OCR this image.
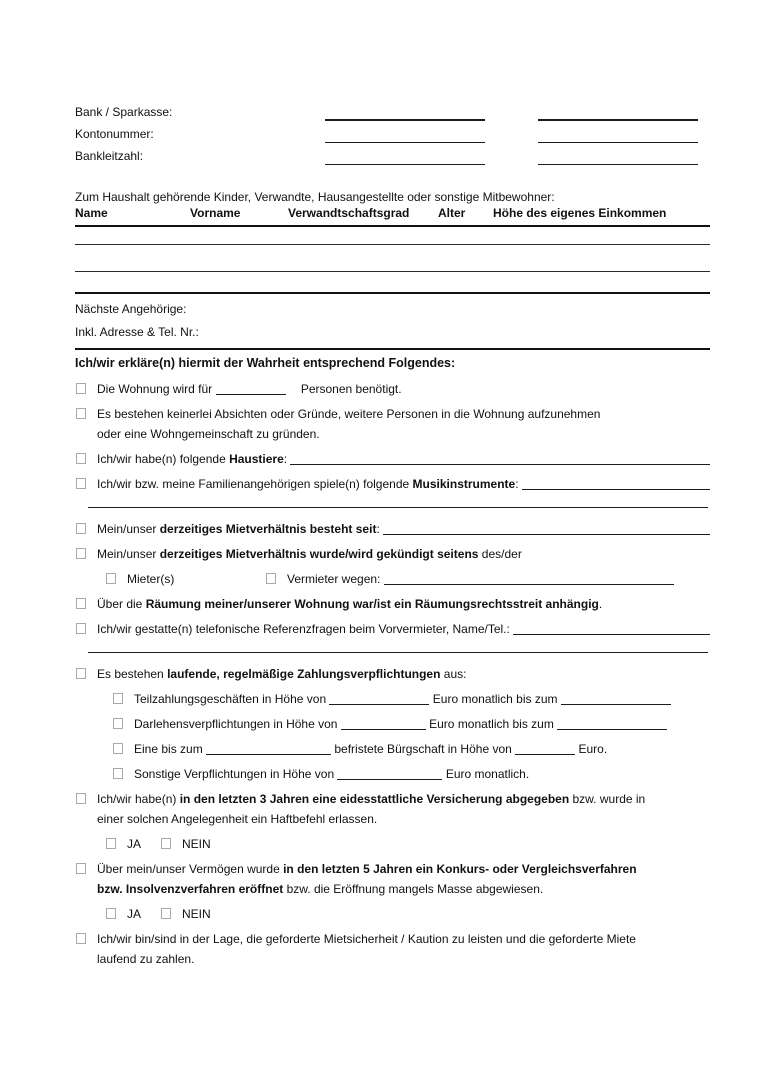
Bank / Sparkasse:
Kontonummer:
Bankleitzahl:
Zum Haushalt gehörende Kinder, Verwandte, Hausangestellte oder sonstige Mitbewohner:
Name	Vorname	Verwandtschaftsgrad	Alter	Höhe des eigenes Einkommen
Nächste Angehörige:
Inkl. Adresse & Tel. Nr.:
Ich/wir erkläre(n) hiermit der Wahrheit entsprechend Folgendes:
Die Wohnung wird für	Personen benötigt.
Es bestehen keinerlei Absichten oder Gründe, weitere Personen in die Wohnung aufzunehmen
oder eine Wohngemeinschaft zu gründen.
Ich/wir habe(n) folgende Haustiere :
Ich/wir bzw. meine Familienangehörigen spiele(n) folgende Musikinstrumente :
Mein/unser derzeitiges Mietverhältnis besteht seit :
Mein/unser derzeitiges Mietverhältnis wurde/wird gekündigt seitens des/der
Mieter(s)	Vermieter wegen:
Über die Räumung meiner/unserer Wohnung war/ist ein Räumungsrechtsstreit anhängig.
Ich/wir gestatte(n) telefonische Referenzfragen beim Vorvermieter, Name/Tel.:
Es bestehen laufende, regelmäßige Zahlungsverpflichtungen aus:
Teilzahlungsgeschäften in Höhe von	Euro monatlich bis zum
Darlehensverpflichtungen in Höhe von	Euro monatlich bis zum
Eine bis zum	befristete Bürgschaft in Höhe von	Euro.
Sonstige Verpflichtungen in Höhe von	Euro monatlich.
Ich/wir habe(n) in den letzten 3 Jahren eine eidesstattliche Versicherung abgegeben bzw. wurde in
einer solchen Angelegenheit ein Haftbefehl erlassen.
JA	NEIN
Über mein/unser Vermögen wurde in den letzten 5 Jahren ein Konkurs- oder Vergleichsverfahren
bzw. Insolvenzverfahren eröffnet bzw. die Eröffnung mangels Masse abgewiesen.
JA	NEIN
Ich/wir bin/sind in der Lage, die geforderte Mietsicherheit / Kaution zu leisten und die geforderte Miete
laufend zu zahlen.
